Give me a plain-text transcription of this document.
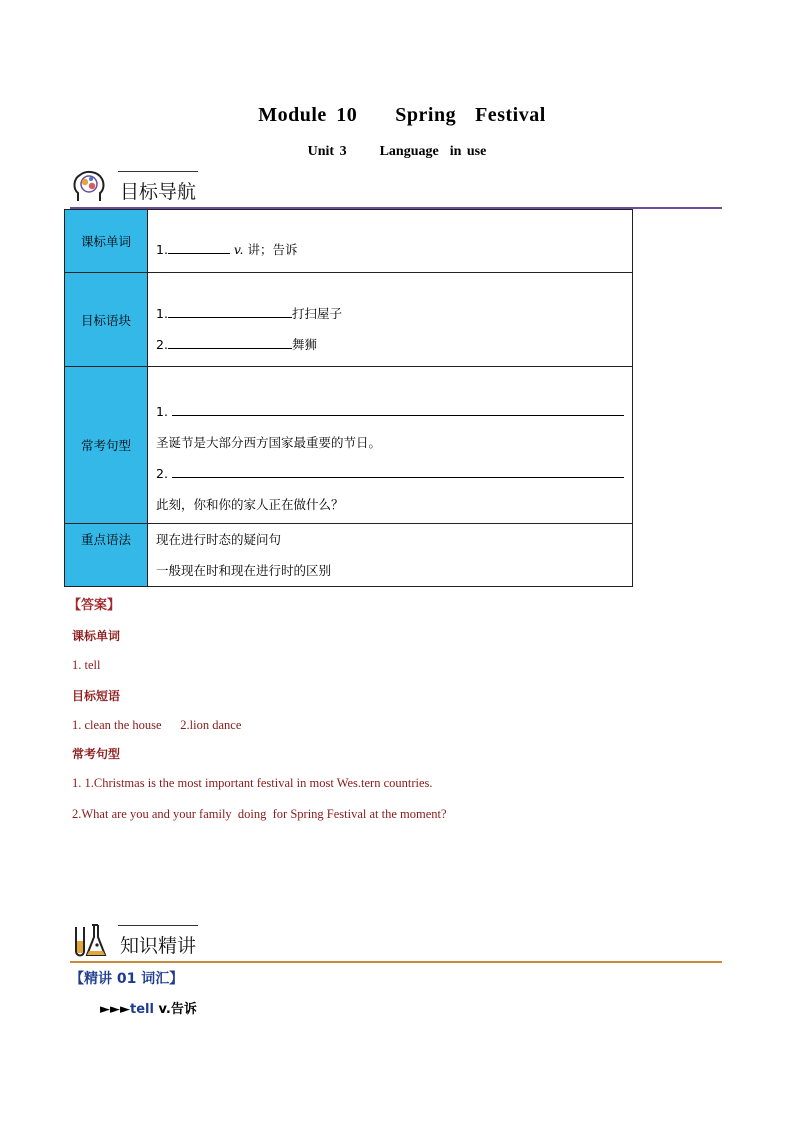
Module 10    Spring  Festival
Unit 3      Language  in use
目标导航
课标单词	1. v. 讲；告诉

目标语块	1. 打扫屋子
2. 舞狮

常考句型	1.
圣诞节是大部分西方国家最重要的节日。
2.
此刻，你和你的家人正在做什么？

重点语法	现在进行时态的疑问句
一般现在时和现在进行时的区别
【答案】
课标单词
1. tell
目标短语
1. clean the house      2.lion dance
常考句型
1. 1.Christmas is the most important festival in most Wes.tern countries.
2.What are you and your family  doing  for Spring Festival at the moment?
知识精讲
【精讲 01 词汇】
►►►tell v.告诉
